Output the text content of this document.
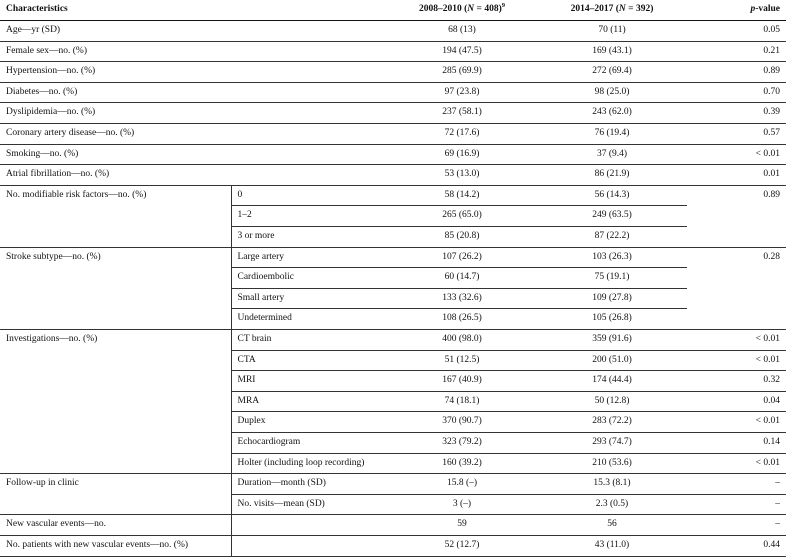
Characteristics		2008–2010 (N = 408)$^9$	2014–2017 (N = 392)	p-value
Age—yr (SD)		68 (13)	70 (11)	0.05
Female sex—no. (%)		194 (47.5)	169 (43.1)	0.21
Hypertension—no. (%)		285 (69.9)	272 (69.4)	0.89
Diabetes—no. (%)		97 (23.8)	98 (25.0)	0.70
Dyslipidemia—no. (%)		237 (58.1)	243 (62.0)	0.39
Coronary artery disease—no. (%)		72 (17.6)	76 (19.4)	0.57
Smoking—no. (%)		69 (16.9)	37 (9.4)	< 0.01
Atrial fibrillation—no. (%)		53 (13.0)	86 (21.9)	0.01
No. modifiable risk factors—no. (%)	0	58 (14.2)	56 (14.3)	0.89
	1–2	265 (65.0)	249 (63.5)	
	3 or more	85 (20.8)	87 (22.2)	
Stroke subtype—no. (%)	Large artery	107 (26.2)	103 (26.3)	0.28
	Cardioembolic	60 (14.7)	75 (19.1)	
	Small artery	133 (32.6)	109 (27.8)	
	Undetermined	108 (26.5)	105 (26.8)	
Investigations—no. (%)	CT brain	400 (98.0)	359 (91.6)	< 0.01
	CTA	51 (12.5)	200 (51.0)	< 0.01
	MRI	167 (40.9)	174 (44.4)	0.32
	MRA	74 (18.1)	50 (12.8)	0.04
	Duplex	370 (90.7)	283 (72.2)	< 0.01
	Echocardiogram	323 (79.2)	293 (74.7)	0.14
	Holter (including loop recording)	160 (39.2)	210 (53.6)	< 0.01
Follow-up in clinic	Duration—month (SD)	15.8 (–)	15.3 (8.1)	–
	No. visits—mean (SD)	3 (–)	2.3 (0.5)	–
New vascular events—no.		59	56	–
No. patients with new vascular events—no. (%)		52 (12.7)	43 (11.0)	0.44
